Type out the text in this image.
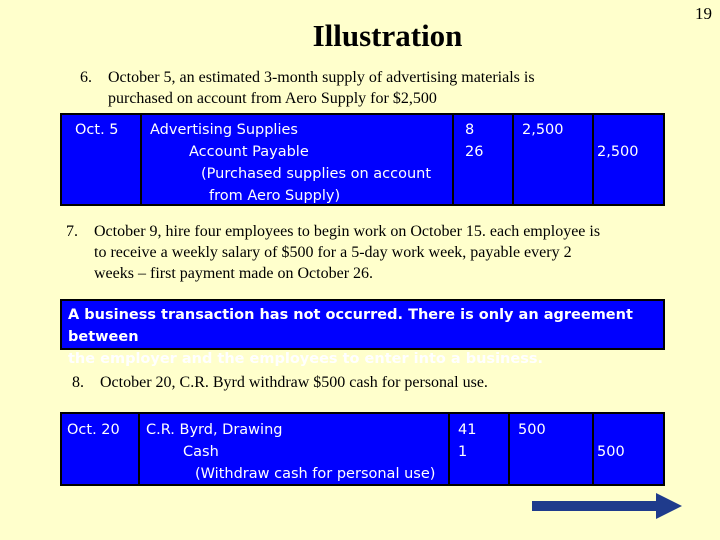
19
Illustration
6. October 5, an estimated 3-month supply of advertising materials is
purchased on account from Aero Supply for $2,500
Oct. 5 Advertising Supplies
Account Payable
(Purchased supplies on account
from Aero Supply)
8
26
2,500
2,500
7. October 9, hire four employees to begin work on October 15. each employee is
to receive a weekly salary of $500 for a 5-day work week, payable every 2
weeks – first payment made on October 26.
A business transaction has not occurred. There is only an agreement between
the employer and the employees to enter into a business.
8. October 20, C.R. Byrd withdraw $500 cash for personal use.
Oct. 20 C.R. Byrd, Drawing
Cash
(Withdraw cash for personal use)
41
1
500
500
